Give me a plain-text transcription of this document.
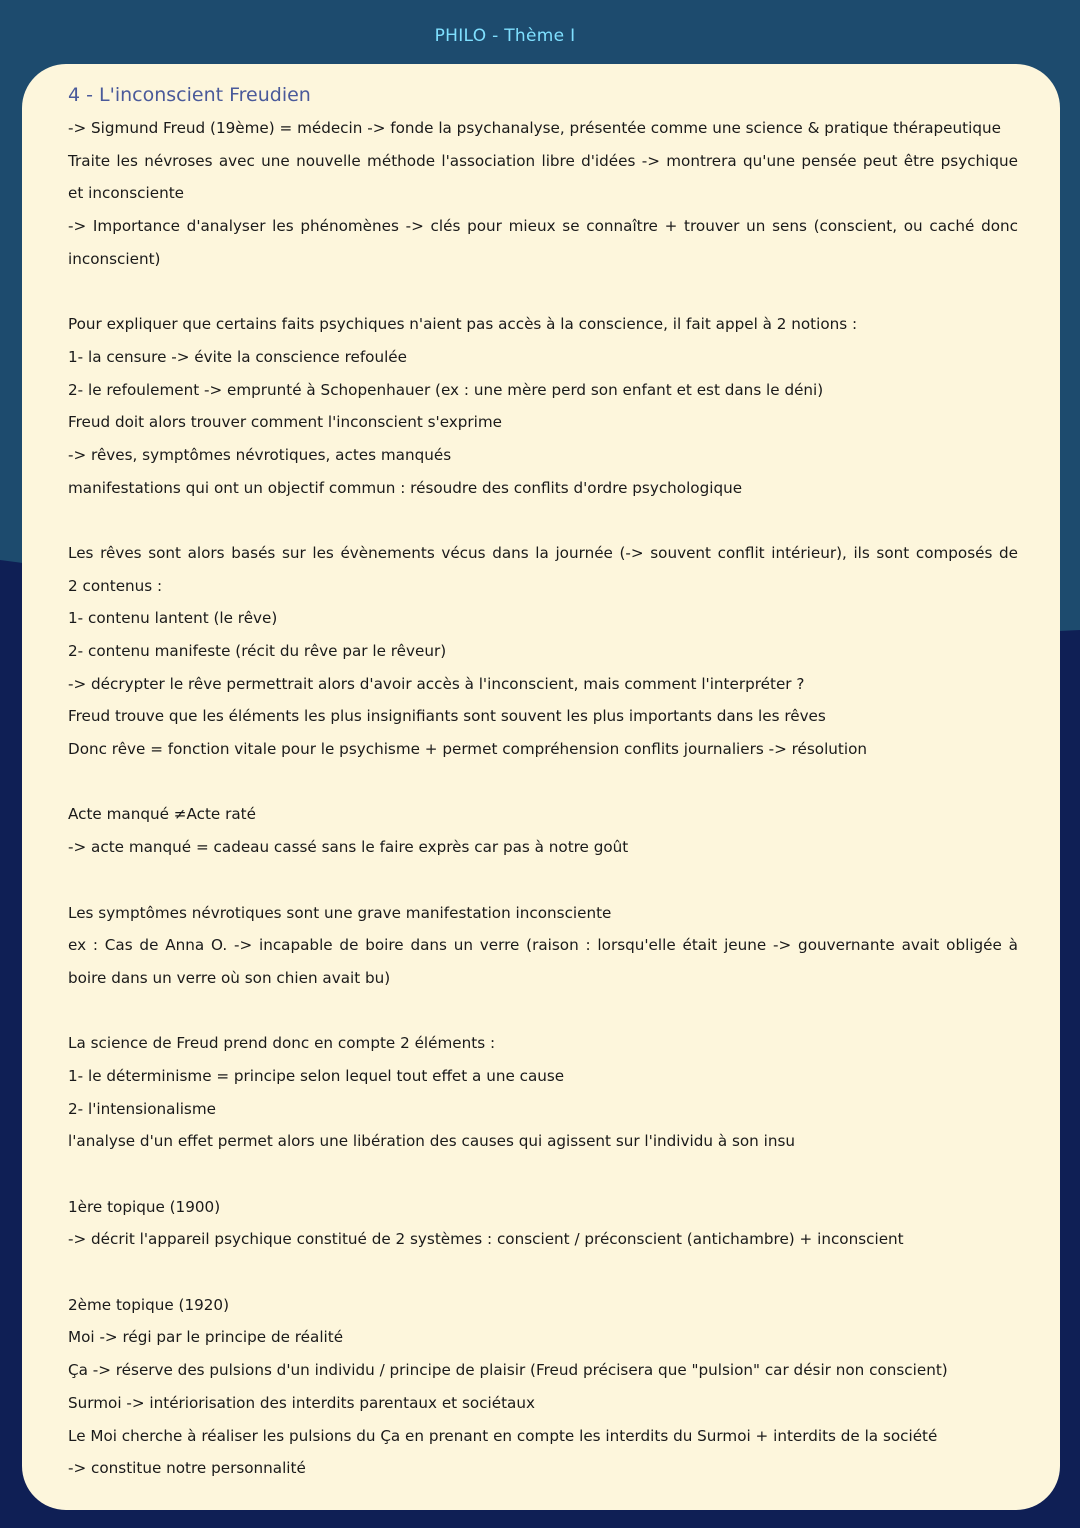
PHILO - Thème I
4 - L'inconscient Freudien
-> Sigmund Freud (19ème) = médecin -> fonde la psychanalyse, présentée comme une science & pratique thérapeutique
Traite les névroses avec une nouvelle méthode l'association libre d'idées -> montrera qu'une pensée peut être psychique
et inconsciente
-> Importance d'analyser les phénomènes -> clés pour mieux se connaître + trouver un sens (conscient, ou caché donc
inconscient)
Pour expliquer que certains faits psychiques n'aient pas accès à la conscience, il fait appel à 2 notions :
1- la censure -> évite la conscience refoulée
2- le refoulement -> emprunté à Schopenhauer (ex : une mère perd son enfant et est dans le déni)
Freud doit alors trouver comment l'inconscient s'exprime
-> rêves, symptômes névrotiques, actes manqués
manifestations qui ont un objectif commun : résoudre des conflits d'ordre psychologique
Les rêves sont alors basés sur les évènements vécus dans la journée (-> souvent conflit intérieur), ils sont composés de
2 contenus :
1- contenu lantent (le rêve)
2- contenu manifeste (récit du rêve par le rêveur)
-> décrypter le rêve permettrait alors d'avoir accès à l'inconscient, mais comment l'interpréter ?
Freud trouve que les éléments les plus insignifiants sont souvent les plus importants dans les rêves
Donc rêve = fonction vitale pour le psychisme + permet compréhension conflits journaliers -> résolution
Acte manqué ≠Acte raté
-> acte manqué = cadeau cassé sans le faire exprès car pas à notre goût
Les symptômes névrotiques sont une grave manifestation inconsciente
ex : Cas de Anna O. -> incapable de boire dans un verre (raison : lorsqu'elle était jeune -> gouvernante avait obligée à
boire dans un verre où son chien avait bu)
La science de Freud prend donc en compte 2 éléments :
1- le déterminisme = principe selon lequel tout effet a une cause
2- l'intensionalisme
l'analyse d'un effet permet alors une libération des causes qui agissent sur l'individu à son insu
1ère topique (1900)
-> décrit l'appareil psychique constitué de 2 systèmes : conscient / préconscient (antichambre) + inconscient
2ème topique (1920)
Moi -> régi par le principe de réalité
Ça -> réserve des pulsions d'un individu / principe de plaisir (Freud précisera que "pulsion" car désir non conscient)
Surmoi -> intériorisation des interdits parentaux et sociétaux
Le Moi cherche à réaliser les pulsions du Ça en prenant en compte les interdits du Surmoi + interdits de la société
-> constitue notre personnalité
